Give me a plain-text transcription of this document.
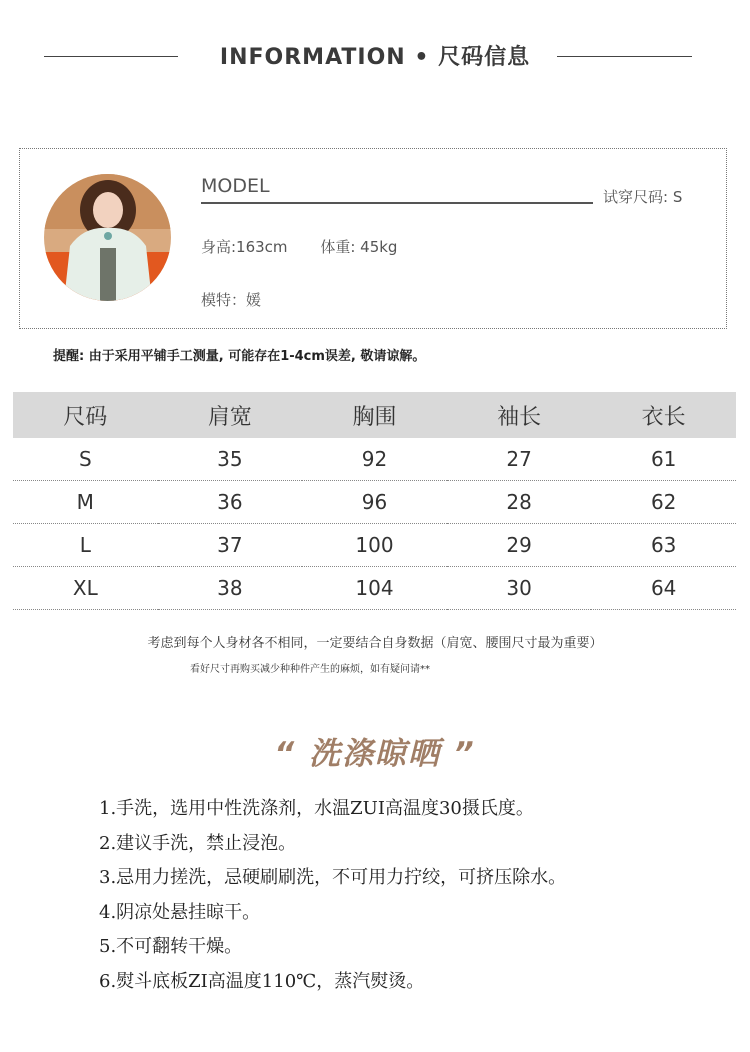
INFORMATION • 尺码信息
MODEL	试穿尺码: S
身高:163cm 体重: 45kg
模特：媛
提醒: 由于采用平铺手工测量, 可能存在1-4cm误差, 敬请谅解。
尺码	肩宽	胸围	袖长	衣长
S	35	92	27	61
M	36	96	28	62
L	37	100	29	63
XL	38	104	30	64
考虑到每个人身材各不相同，一定要结合自身数据（肩宽、腰围尺寸最为重要）
看好尺寸再购买减少种种件产生的麻烦，如有疑问请**
“ 洗涤晾晒 ”
1.手洗，选用中性洗涤剂，水温ZUI高温度30摄氏度。
2.建议手洗，禁止浸泡。
3.忌用力搓洗，忌硬刷刷洗，不可用力拧绞，可挤压除水。
4.阴凉处悬挂晾干。
5.不可翻转干燥。
6.熨斗底板ZI高温度110℃，蒸汽熨烫。
